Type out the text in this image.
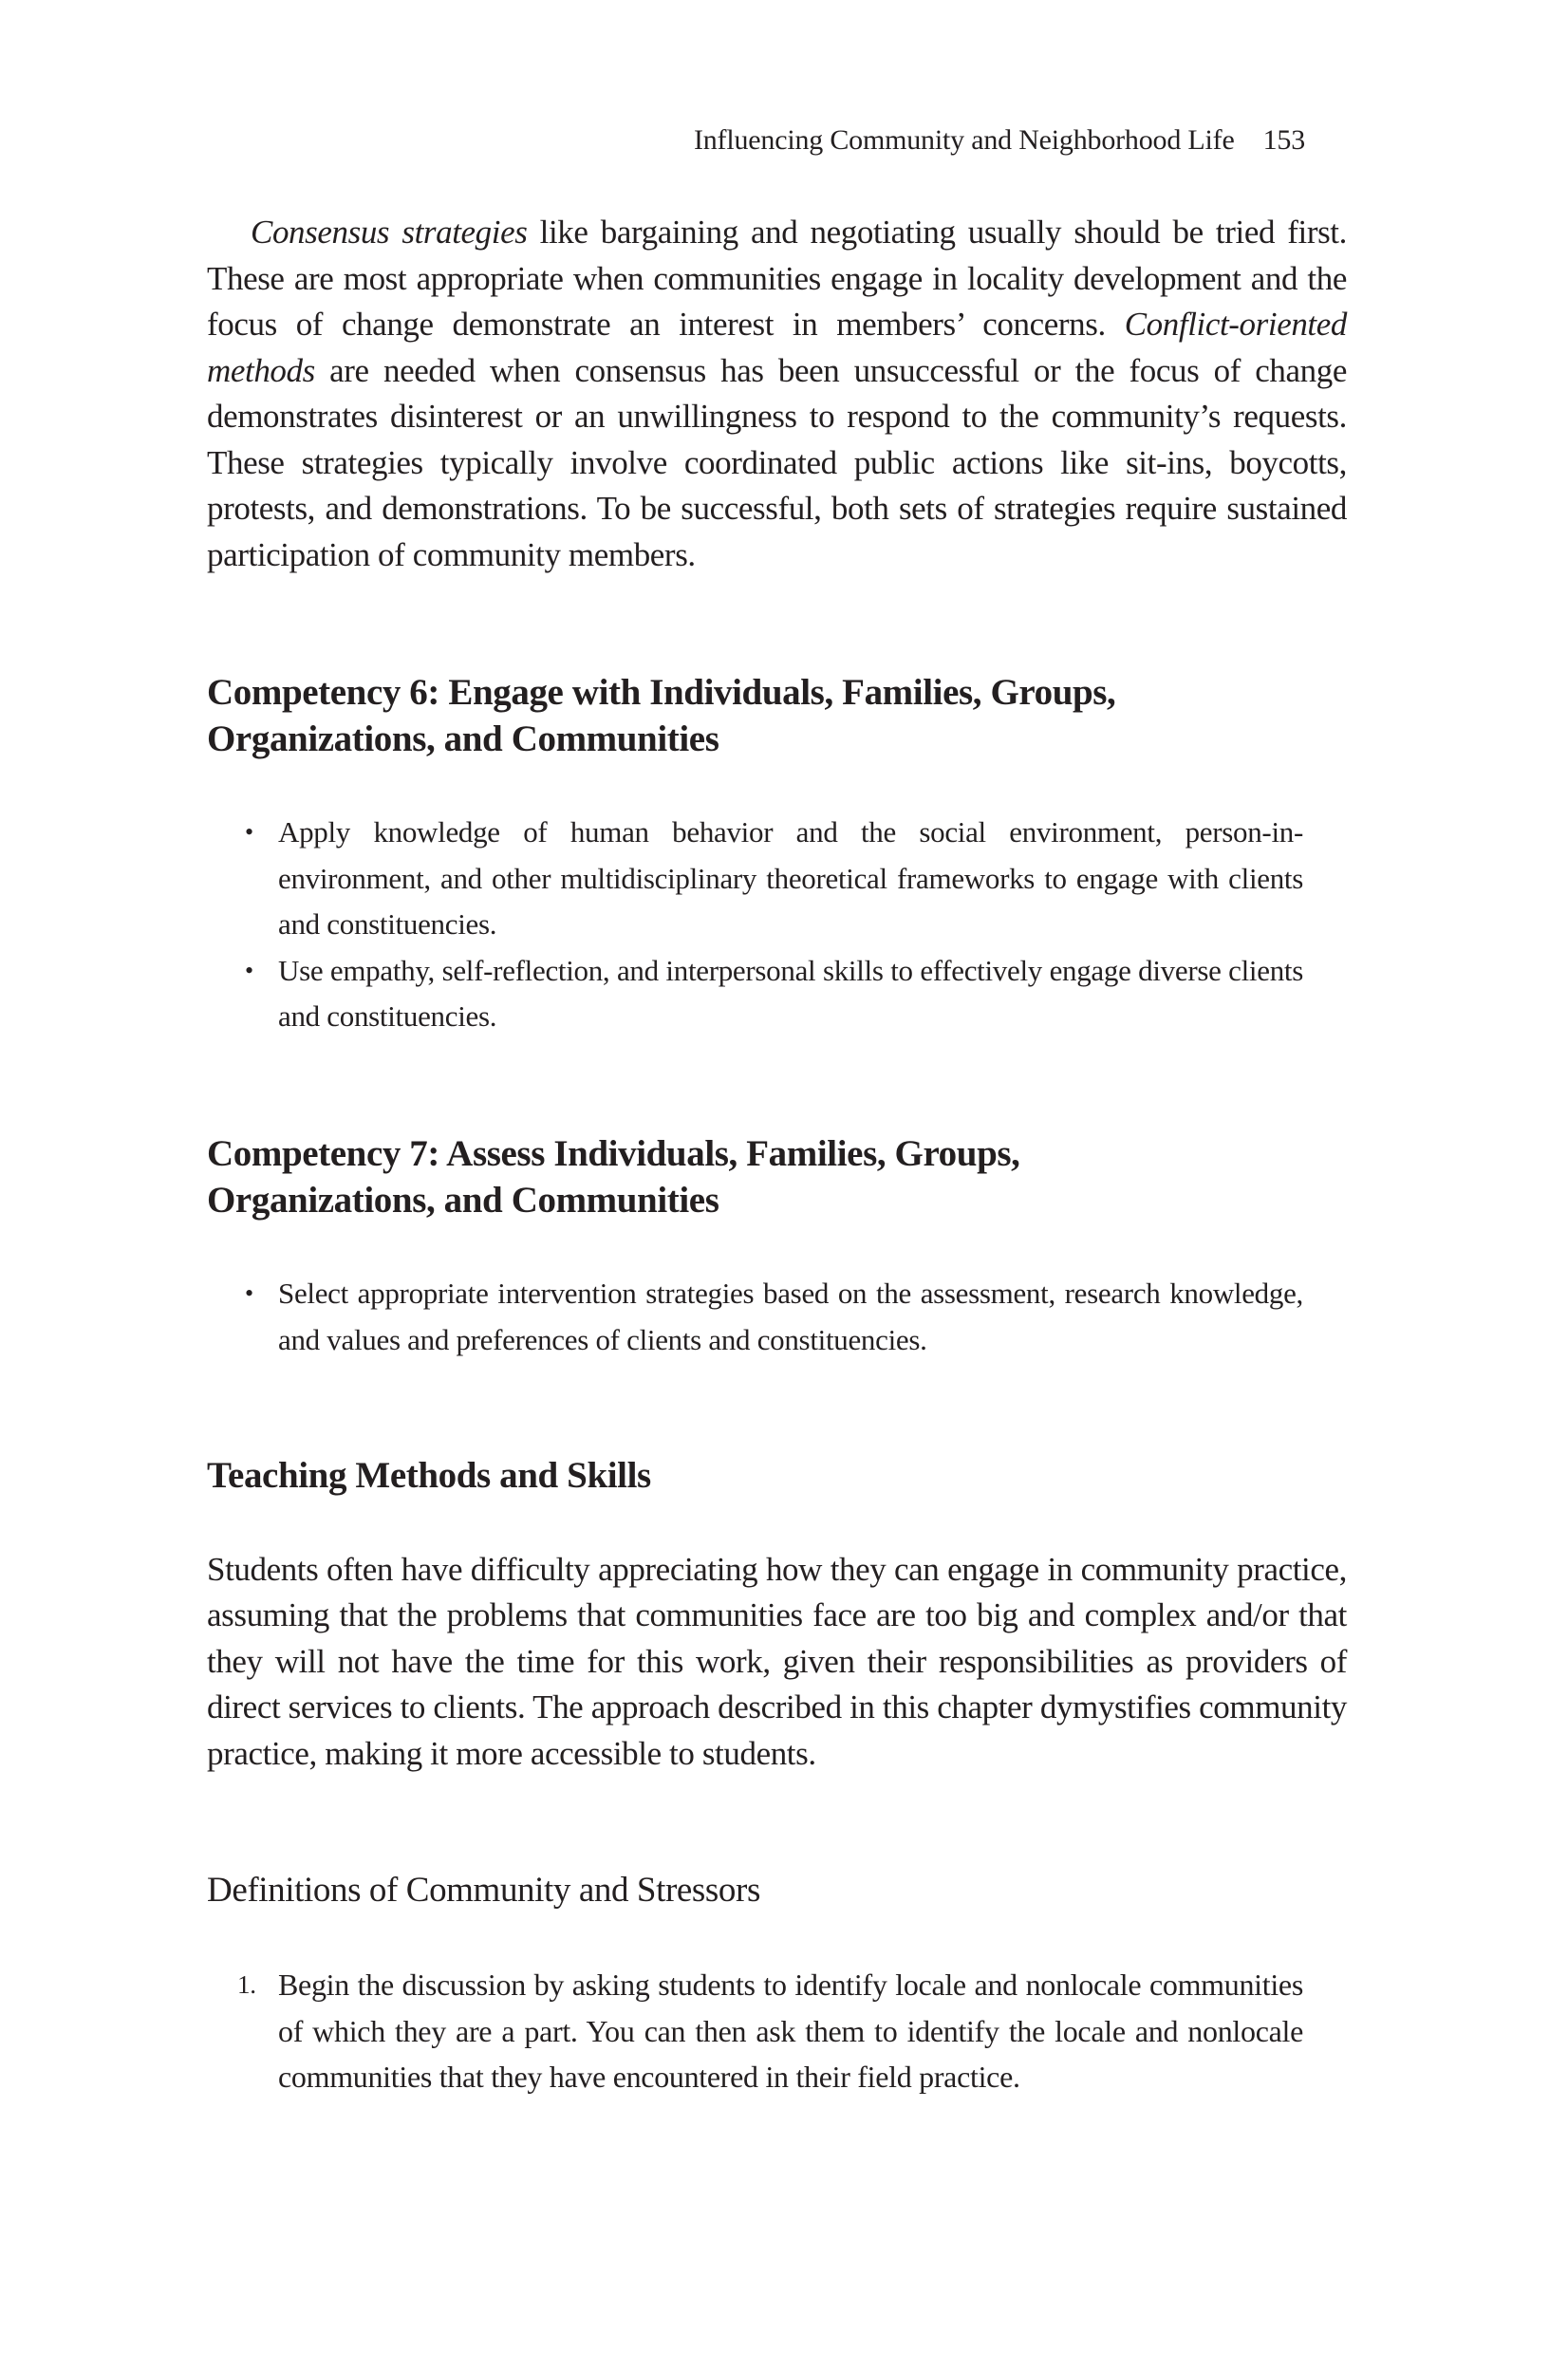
Influencing Community and Neighborhood Life 153

Consensus strategies like bargaining and negotiating usually should be tried first. These are most appropriate when communities engage in locality development and the focus of change demonstrate an interest in members’ concerns. Conflict-oriented methods are needed when consensus has been unsuccessful or the focus of change demonstrates disinterest or an unwillingness to respond to the community’s requests. These strategies typically involve coordinated public actions like sit-ins, boycotts, protests, and demonstrations. To be successful, both sets of strategies require sustained participation of community members.

Competency 6: Engage with Individuals, Families, Groups,
Organizations, and Communities
• Apply knowledge of human behavior and the social environment, person-in-environment, and other multidisciplinary theoretical frameworks to engage with clients and constituencies.
• Use empathy, self-reflection, and interpersonal skills to effectively engage diverse clients and constituencies.
Competency 7: Assess Individuals, Families, Groups,
Organizations, and Communities
• Select appropriate intervention strategies based on the assessment, research knowledge, and values and preferences of clients and constituencies.
Teaching Methods and Skills

Students often have difficulty appreciating how they can engage in community practice, assuming that the problems that communities face are too big and complex and/or that they will not have the time for this work, given their responsibilities as providers of direct services to clients. The approach described in this chapter dymystifies community practice, making it more accessible to students.

Definitions of Community and Stressors
1. Begin the discussion by asking students to identify locale and nonlocale communities of which they are a part. You can then ask them to identify the locale and nonlocale communities that they have encountered in their field practice.
